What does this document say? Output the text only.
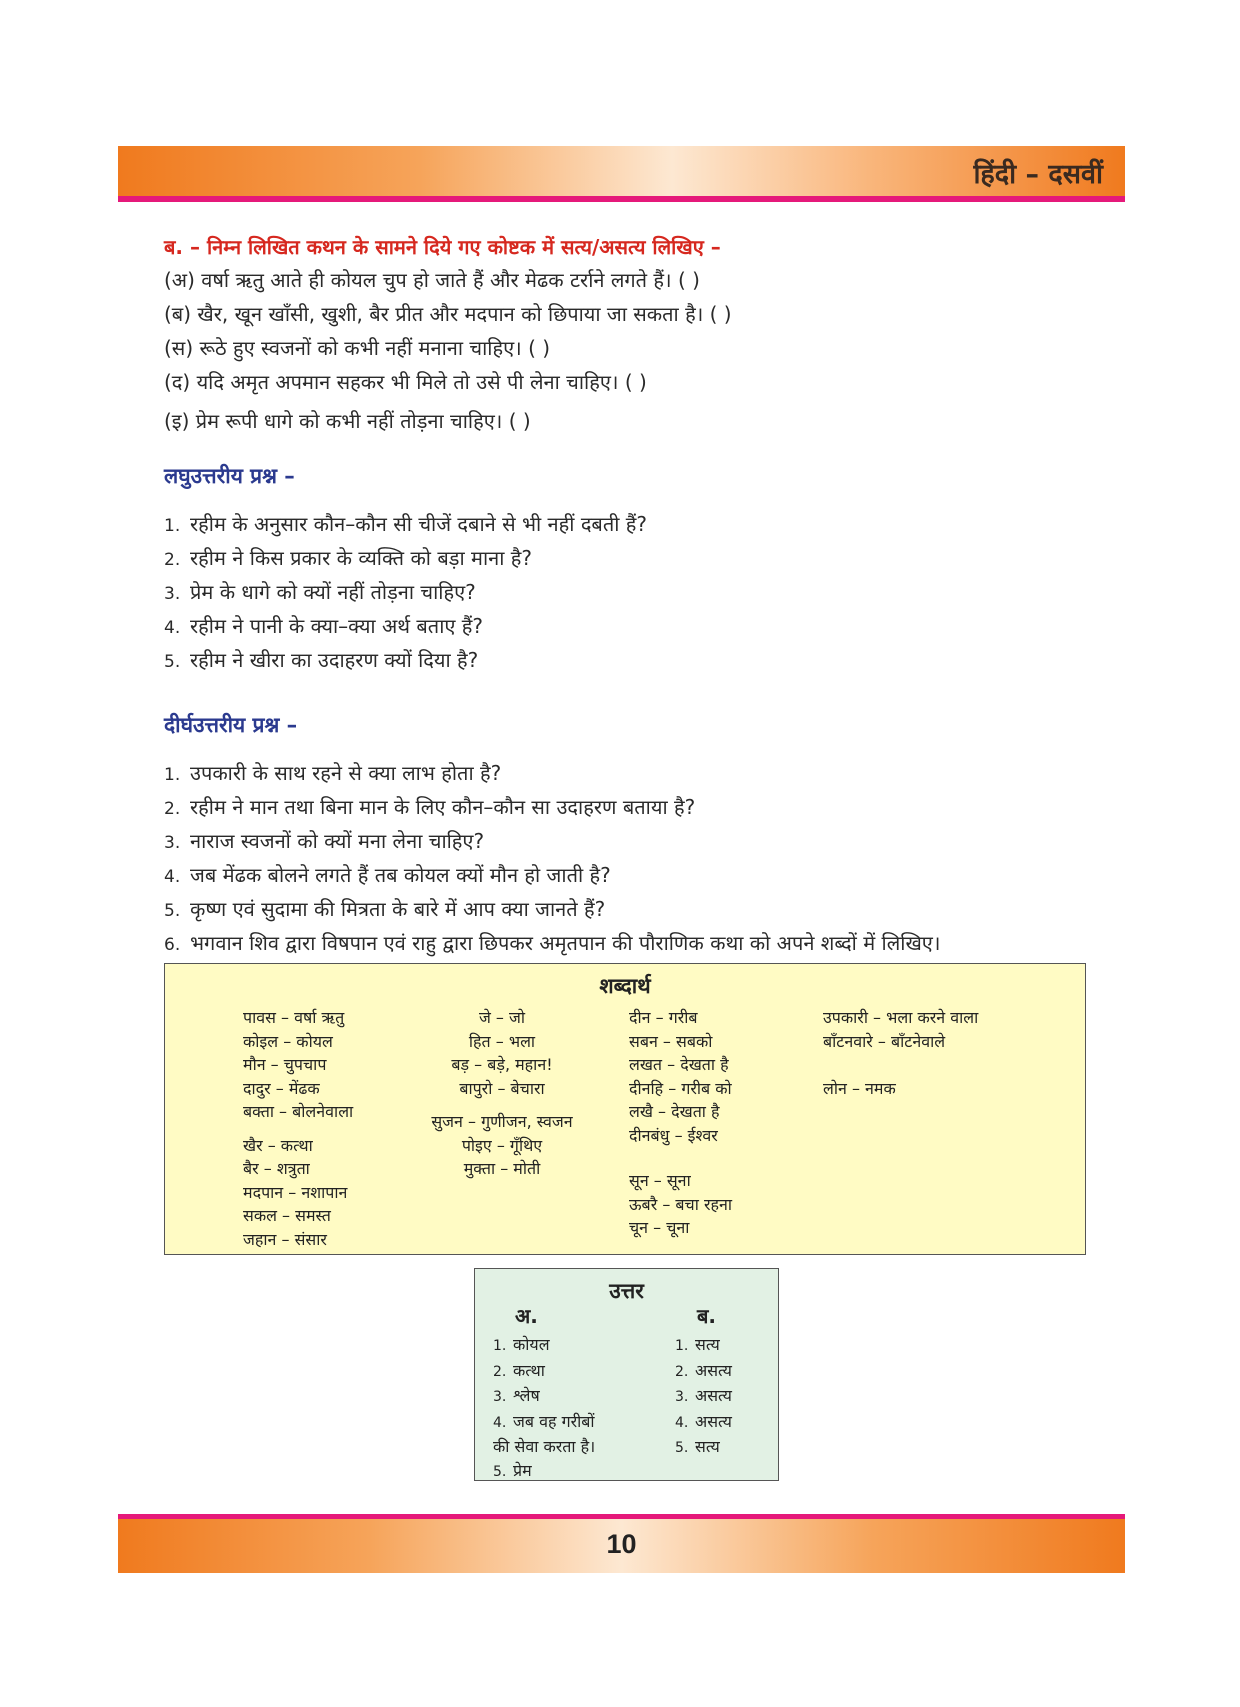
हिंदी – दसवीं
ब. – निम्न लिखित कथन के सामने दिये गए कोष्टक में सत्य/असत्य लिखिए –
(अ) वर्षा ऋतु आते ही कोयल चुप हो जाते हैं और मेढक टर्राने लगते हैं। ( )
(ब) खैर, खून खाँसी, खुशी, बैर प्रीत और मदपान को छिपाया जा सकता है। ( )
(स) रूठे हुए स्वजनों को कभी नहीं मनाना चाहिए। ( )
(द) यदि अमृत अपमान सहकर भी मिले तो उसे पी लेना चाहिए। ( )
(इ) प्रेम रूपी धागे को कभी नहीं तोड़ना चाहिए। ( )
लघुउत्तरीय प्रश्न –
1. रहीम के अनुसार कौन–कौन सी चीजें दबाने से भी नहीं दबती हैं?
2. रहीम ने किस प्रकार के व्यक्ति को बड़ा माना है?
3. प्रेम के धागे को क्यों नहीं तोड़ना चाहिए?
4. रहीम ने पानी के क्या–क्या अर्थ बताए हैं?
5. रहीम ने खीरा का उदाहरण क्यों दिया है?
दीर्घउत्तरीय प्रश्न –
1. उपकारी के साथ रहने से क्या लाभ होता है?
2. रहीम ने मान तथा बिना मान के लिए कौन–कौन सा उदाहरण बताया है?
3. नाराज स्वजनों को क्यों मना लेना चाहिए?
4. जब मेंढक बोलने लगते हैं तब कोयल क्यों मौन हो जाती है?
5. कृष्ण एवं सुदामा की मित्रता के बारे में आप क्या जानते हैं?
6. भगवान शिव द्वारा विषपान एवं राहु द्वारा छिपकर अमृतपान की पौराणिक कथा को अपने शब्दों में लिखिए।
शब्दार्थ
पावस – वर्षा ऋतु
कोइल – कोयल
मौन – चुपचाप
दादुर – मेंढक
बक्ता – बोलनेवाला
खैर – कत्था
बैर – शत्रुता
मदपान – नशापान
सकल – समस्त
जहान – संसार
जे – जो
हित – भला
बड़ – बड़े, महान!
बापुरो – बेचारा
सुजन – गुणीजन, स्वजन
पोइए – गूँथिए
मुक्ता – मोती
दीन – गरीब
सबन – सबको
लखत – देखता है
दीनहि – गरीब को
लखै – देखता है
दीनबंधु – ईश्वर
सून – सूना
ऊबरै – बचा रहना
चून – चूना
उपकारी – भला करने वाला
बाँटनवारे – बाँटनेवाले
लोन – नमक
उत्तर
अ.	ब.
1. कोयल
2. कत्था
3. श्लेष
4. जब वह गरीबों
की सेवा करता है।
5. प्रेम
1. सत्य
2. असत्य
3. असत्य
4. असत्य
5. सत्य
10
